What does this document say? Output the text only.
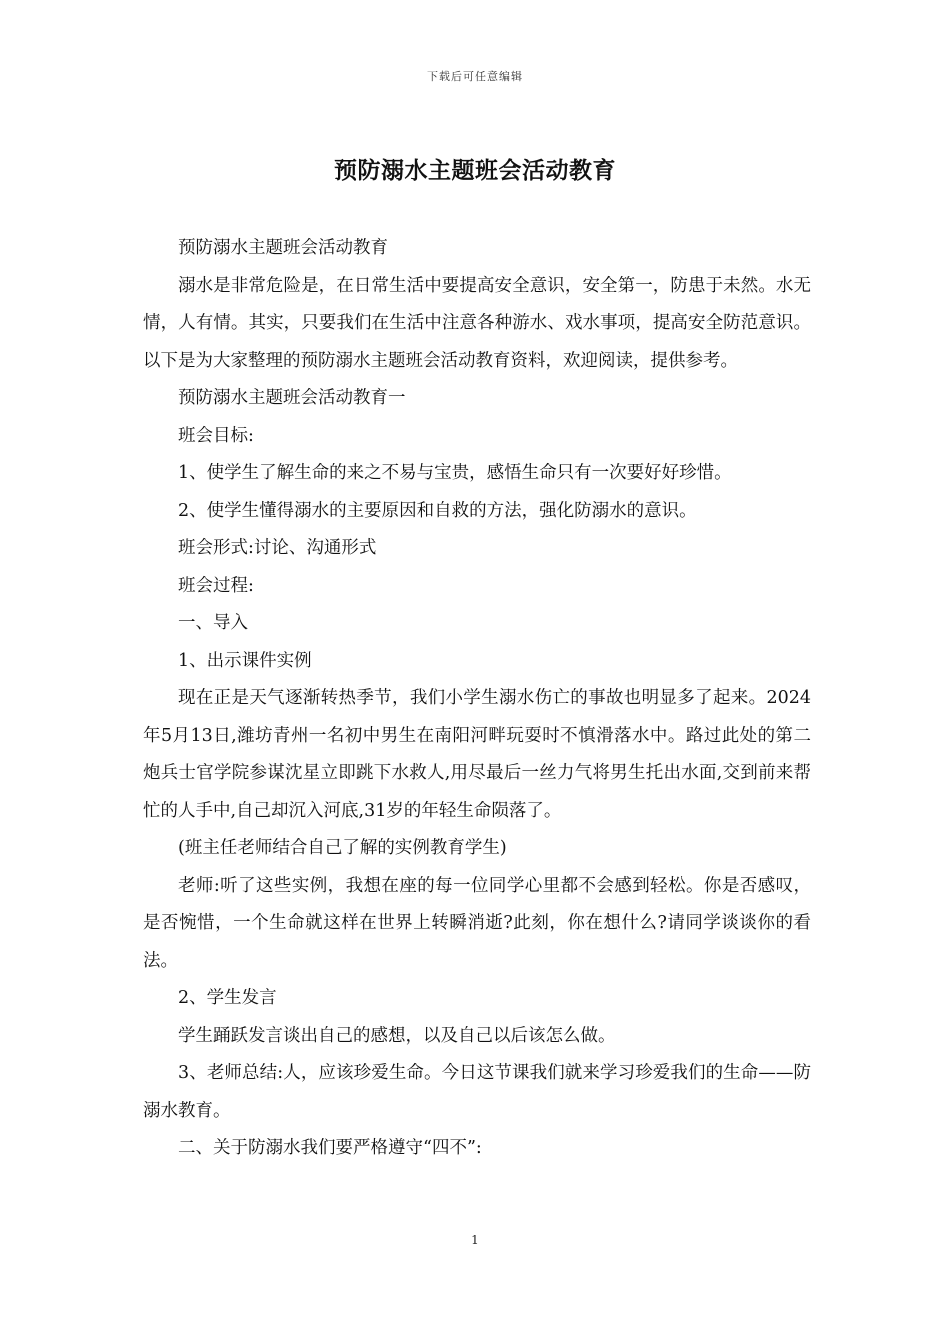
下载后可任意编辑
预防溺水主题班会活动教育

预防溺水主题班会活动教育

溺水是非常危险是，在日常生活中要提高安全意识，安全第一，防患于未然。水无情，人有情。其实，只要我们在生活中注意各种游水、戏水事项，提高安全防范意识。以下是为大家整理的预防溺水主题班会活动教育资料，欢迎阅读，提供参考。

预防溺水主题班会活动教育一

班会目标:

1、使学生了解生命的来之不易与宝贵，感悟生命只有一次要好好珍惜。

2、使学生懂得溺水的主要原因和自救的方法，强化防溺水的意识。

班会形式:讨论、沟通形式

班会过程:

一、导入

1、出示课件实例

现在正是天气逐渐转热季节，我们小学生溺水伤亡的事故也明显多了起来。2024年5月13日,潍坊青州一名初中男生在南阳河畔玩耍时不慎滑落水中。路过此处的第二炮兵士官学院参谋沈星立即跳下水救人,用尽最后一丝力气将男生托出水面,交到前来帮忙的人手中,自己却沉入河底,31岁的年轻生命陨落了。

(班主任老师结合自己了解的实例教育学生)

老师:听了这些实例，我想在座的每一位同学心里都不会感到轻松。你是否感叹，是否惋惜，一个生命就这样在世界上转瞬消逝?此刻，你在想什么?请同学谈谈你的看法。

2、学生发言

学生踊跃发言谈出自己的感想，以及自己以后该怎么做。

3、老师总结:人，应该珍爱生命。今日这节课我们就来学习珍爱我们的生命——防溺水教育。

二、关于防溺水我们要严格遵守“四不”:

1
